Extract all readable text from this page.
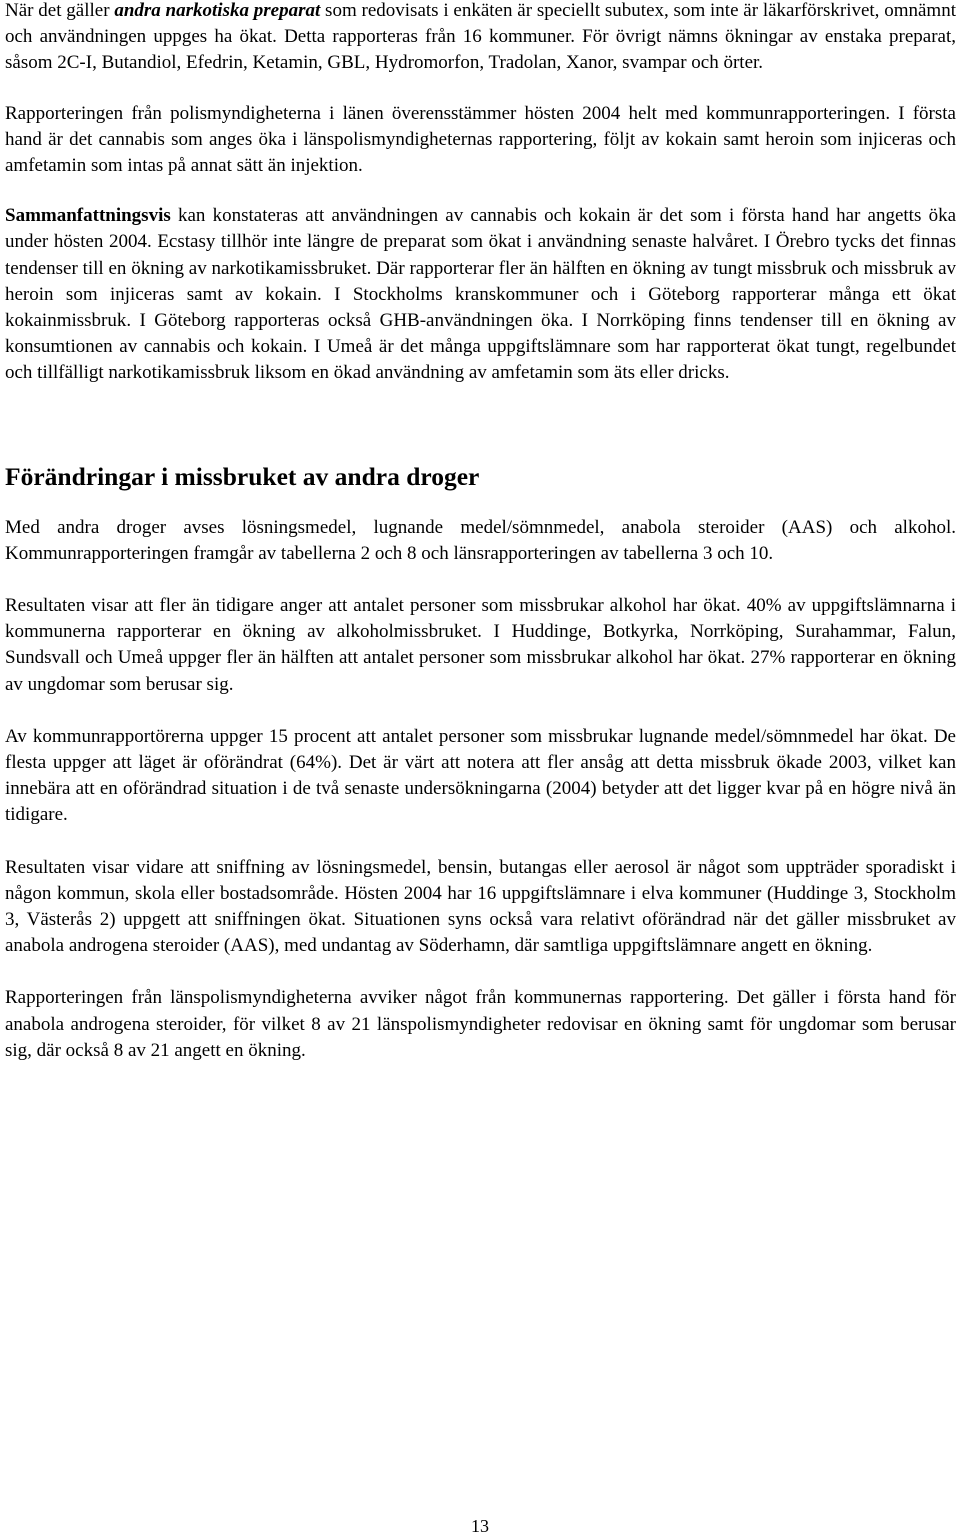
När det gäller andra narkotiska preparat som redovisats i enkäten är speciellt subutex, som inte är läkarförskrivet, omnämnt och användningen uppges ha ökat. Detta rapporteras från 16 kommuner. För övrigt nämns ökningar av enstaka preparat, såsom 2C-I, Butandiol, Efedrin, Ketamin, GBL, Hydromorfon, Tradolan, Xanor, svampar och örter.

Rapporteringen från polismyndigheterna i länen överensstämmer hösten 2004 helt med kommunrapporteringen. I första hand är det cannabis som anges öka i länspolismyndigheternas rapportering, följt av kokain samt heroin som injiceras och amfetamin som intas på annat sätt än injektion.

Sammanfattningsvis kan konstateras att användningen av cannabis och kokain är det som i första hand har angetts öka under hösten 2004. Ecstasy tillhör inte längre de preparat som ökat i användning senaste halvåret. I Örebro tycks det finnas tendenser till en ökning av narkotikamissbruket. Där rapporterar fler än hälften en ökning av tungt missbruk och missbruk av heroin som injiceras samt av kokain. I Stockholms kranskommuner och i Göteborg rapporterar många ett ökat kokainmissbruk. I Göteborg rapporteras också GHB-användningen öka. I Norrköping finns tendenser till en ökning av konsumtionen av cannabis och kokain. I Umeå är det många uppgiftslämnare som har rapporterat ökat tungt, regelbundet och tillfälligt narkotikamissbruk liksom en ökad användning av amfetamin som äts eller dricks.

Förändringar i missbruket av andra droger

Med andra droger avses lösningsmedel, lugnande medel/sömnmedel, anabola steroider (AAS) och alkohol. Kommunrapporteringen framgår av tabellerna 2 och 8 och länsrapporteringen av tabellerna 3 och 10.

Resultaten visar att fler än tidigare anger att antalet personer som missbrukar alkohol har ökat. 40% av uppgiftslämnarna i kommunerna rapporterar en ökning av alkoholmissbruket. I Huddinge, Botkyrka, Norrköping, Surahammar, Falun, Sundsvall och Umeå uppger fler än hälften att antalet personer som missbrukar alkohol har ökat. 27% rapporterar en ökning av ungdomar som berusar sig.

Av kommunrapportörerna uppger 15 procent att antalet personer som missbrukar lugnande medel/sömnmedel har ökat. De flesta uppger att läget är oförändrat (64%). Det är värt att notera att fler ansåg att detta missbruk ökade 2003, vilket kan innebära att en oförändrad situation i de två senaste undersökningarna (2004) betyder att det ligger kvar på en högre nivå än tidigare.

Resultaten visar vidare att sniffning av lösningsmedel, bensin, butangas eller aerosol är något som uppträder sporadiskt i någon kommun, skola eller bostadsområde. Hösten 2004 har 16 uppgiftslämnare i elva kommuner (Huddinge 3, Stockholm 3, Västerås 2) uppgett att sniffningen ökat. Situationen syns också vara relativt oförändrad när det gäller missbruket av anabola androgena steroider (AAS), med undantag av Söderhamn, där samtliga uppgiftslämnare angett en ökning.

Rapporteringen från länspolismyndigheterna avviker något från kommunernas rapportering. Det gäller i första hand för anabola androgena steroider, för vilket 8 av 21 länspolismyndigheter redovisar en ökning samt för ungdomar som berusar sig, där också 8 av 21 angett en ökning.

13
